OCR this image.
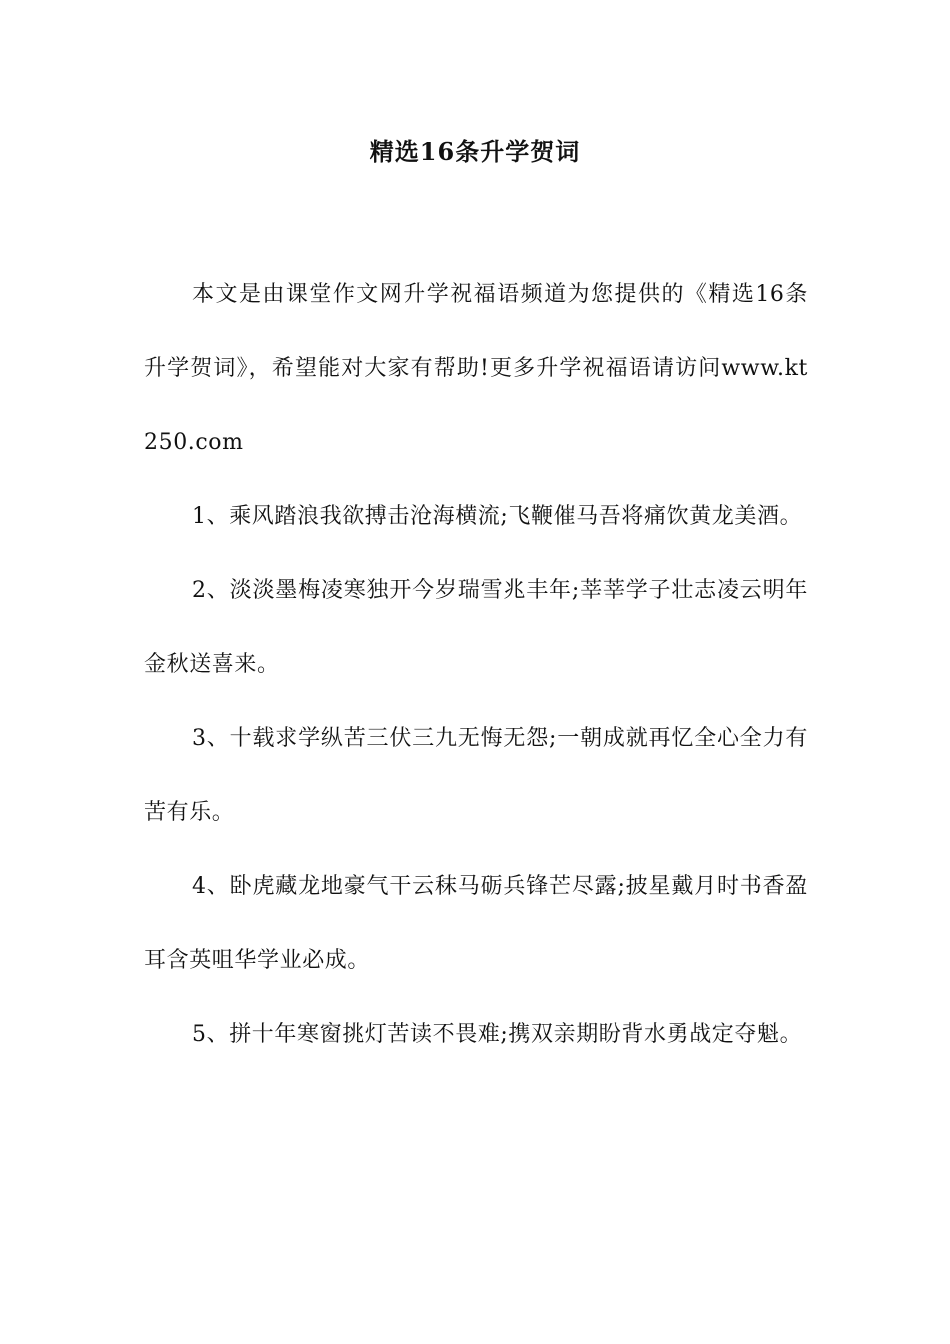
精选16条升学贺词

本文是由课堂作文网升学祝福语频道为您提供的《精选16条升学贺词》，希望能对大家有帮助!更多升学祝福语请访问www.kt250.com

1、乘风踏浪我欲搏击沧海横流;飞鞭催马吾将痛饮黄龙美酒。

2、淡淡墨梅凌寒独开今岁瑞雪兆丰年;莘莘学子壮志凌云明年金秋送喜来。

3、十载求学纵苦三伏三九无悔无怨;一朝成就再忆全心全力有苦有乐。

4、卧虎藏龙地豪气干云秣马砺兵锋芒尽露;披星戴月时书香盈耳含英咀华学业必成。

5、拼十年寒窗挑灯苦读不畏难;携双亲期盼背水勇战定夺魁。
